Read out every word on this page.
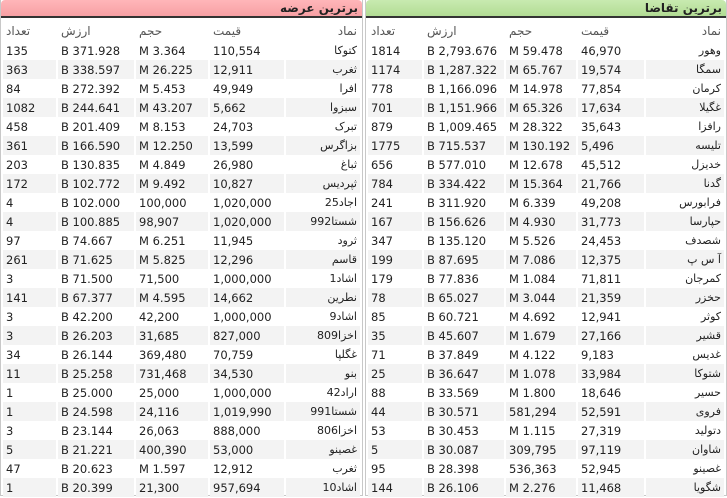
برترین عرضه
نماد	قیمت	حجم	ارزش	تعداد
کتوکا	110,554	3.364 M	371.928 B	135
ثغرب	12,911	26.225 M	338.597 B	363
افرا	49,949	5.453 M	272.392 B	84
سبزوا	5,662	43.207 M	244.641 B	1082
تبرک	24,703	8.153 M	201.409 B	458
بزاگرس	13,599	12.250 M	166.590 B	361
ثباغ	26,980	4.849 M	130.835 B	203
ثپردیس	10,827	9.492 M	102.772 B	172
اجاد25	1,020,000	100,000	102.000 B	4
شستا992	1,020,000	98,907	100.885 B	4
ثرود	11,945	6.251 M	74.667 B	97
قاسم	12,296	5.825 M	71.625 B	261
اشاد1	1,000,000	71,500	71.500 B	3
نطرين	14,662	4.595 M	67.377 B	141
اشاد9	1,000,000	42,200	42.200 B	3
اخزا809	827,000	31,685	26.203 B	3
غگلپا	70,759	369,480	26.144 B	34
بنو	34,530	731,468	25.258 B	11
اراد42	1,000,000	25,000	25.000 B	1
شستا991	1,019,990	24,116	24.598 B	1
اخزا806	888,000	26,063	23.144 B	3
غصینو	53,000	400,390	21.221 B	5
ثغرب	12,912	1.597 M	20.623 B	47
اشاد10	957,694	21,300	20.399 B	1
برترین تقاضا
نماد	قیمت	حجم	ارزش	تعداد
وهور	46,970	59.478 M	2,793.676 B	1814
سمگا	19,574	65.767 M	1,287.322 B	1174
کرمان	77,854	14.978 M	1,166.096 B	778
غگیلا	17,634	65.326 M	1,151.966 B	701
رافزا	35,643	28.322 M	1,009.465 B	879
تلیسه	5,496	130.192 M	715.537 B	1775
خدیزل	45,512	12.678 M	577.010 B	656
گدنا	21,766	15.364 M	334.422 B	784
فرابورس	49,208	6.339 M	311.920 B	241
حپارسا	31,773	4.930 M	156.626 B	167
شصدف	24,453	5.526 M	135.120 B	347
آ س پ	12,375	7.086 M	87.695 B	199
کمرجان	71,811	1.084 M	77.836 B	179
حخزر	21,359	3.044 M	65.027 B	78
کوثر	12,941	4.692 M	60.721 B	85
قشیر	27,166	1.679 M	45.607 B	35
غدیس	9,183	4.122 M	37.849 B	71
شتوکا	33,984	1.078 M	36.647 B	25
حسیر	18,646	1.800 M	33.569 B	88
فروی	52,591	581,294	30.571 B	44
دتولید	27,319	1.115 M	30.453 B	53
شاوان	97,119	309,795	30.087 B	5
غصینو	52,945	536,363	28.398 B	95
شگویا	11,468	2.276 M	26.106 B	144
